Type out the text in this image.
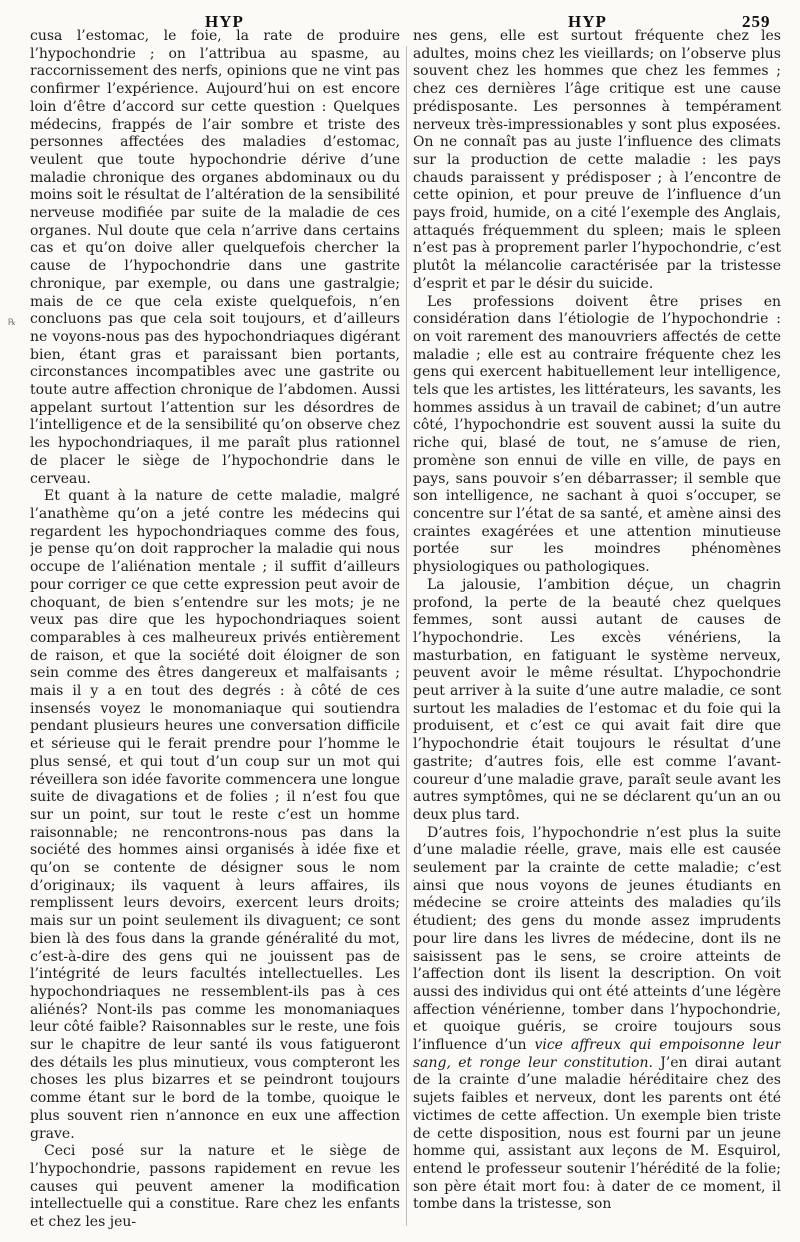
HYP	HYP	259
℞

cusa l’estomac, le foie, la rate de produire l’hypochondrie ; on l’attribua au spasme, au raccornissement des nerfs, opinions que ne vint pas confirmer l’expérience. Aujourd’hui on est encore loin d’être d’accord sur cette question : Quelques médecins, frappés de l’air sombre et triste des personnes affectées des maladies d’estomac, veulent que toute hypochondrie dérive d’une maladie chronique des organes abdominaux ou du moins soit le résultat de l’altération de la sensibilité nerveuse modifiée par suite de la maladie de ces organes. Nul doute que cela n’arrive dans certains cas et qu’on doive aller quelquefois chercher la cause de l’hypochondrie dans une gastrite chronique, par exemple, ou dans une gastralgie; mais de ce que cela existe quelquefois, n’en concluons pas que cela soit toujours, et d’ailleurs ne voyons-nous pas des hypochondriaques digérant bien, étant gras et paraissant bien portants, circonstances incompatibles avec une gastrite ou toute autre affection chronique de l’abdomen. Aussi appelant surtout l’attention sur les désordres de l’intelligence et de la sensibilité qu’on observe chez les hypochondriaques, il me paraît plus rationnel de placer le siège de l’hypochondrie dans le cerveau.

Et quant à la nature de cette maladie, malgré l’anathème qu’on a jeté contre les médecins qui regardent les hypochondriaques comme des fous, je pense qu’on doit rapprocher la maladie qui nous occupe de l’aliénation mentale ; il suffit d’ailleurs pour corriger ce que cette expression peut avoir de choquant, de bien s’entendre sur les mots; je ne veux pas dire que les hypochondriaques soient comparables à ces malheureux privés entièrement de raison, et que la société doit éloigner de son sein comme des êtres dangereux et malfaisants ; mais il y a en tout des degrés : à côté de ces insensés voyez le monomaniaque qui soutiendra pendant plusieurs heures une conversation difficile et sérieuse qui le ferait prendre pour l’homme le plus sensé, et qui tout d’un coup sur un mot qui réveillera son idée favorite commencera une longue suite de divagations et de folies ; il n’est fou que sur un point, sur tout le reste c’est un homme raisonnable; ne rencontrons-nous pas dans la société des hommes ainsi organisés à idée fixe et qu’on se contente de désigner sous le nom d’originaux; ils vaquent à leurs affaires, ils remplissent leurs devoirs, exercent leurs droits; mais sur un point seulement ils divaguent; ce sont bien là des fous dans la grande généralité du mot, c’est-à-dire des gens qui ne jouissent pas de l’intégrité de leurs facultés intellectuelles. Les hypochondriaques ne ressemblent-ils pas à ces aliénés? Nont-ils pas comme les monomaniaques leur côté faible? Raisonnables sur le reste, une fois sur le chapitre de leur santé ils vous fatigueront des détails les plus minutieux, vous compteront les choses les plus bizarres et se peindront toujours comme étant sur le bord de la tombe, quoique le plus souvent rien n’annonce en eux une affection grave.

Ceci posé sur la nature et le siège de l’hypochondrie, passons rapidement en revue les causes qui peuvent amener la modification intellectuelle qui a constitue. Rare chez les enfants et chez les jeu-

nes gens, elle est surtout fréquente chez les adultes, moins chez les vieillards; on l’observe plus souvent chez les hommes que chez les femmes ; chez ces dernières l’âge critique est une cause prédisposante. Les personnes à tempérament nerveux très-impressionables y sont plus exposées. On ne connaît pas au juste l’influence des climats sur la production de cette maladie : les pays chauds paraissent y prédisposer ; à l’encontre de cette opinion, et pour preuve de l’influence d’un pays froid, humide, on a cité l’exemple des Anglais, attaqués fréquemment du spleen; mais le spleen n’est pas à proprement parler l’hypochondrie, c’est plutôt la mélancolie caractérisée par la tristesse d’esprit et par le désir du suicide.

Les professions doivent être prises en considération dans l’étiologie de l’hypochondrie : on voit rarement des manouvriers affectés de cette maladie ; elle est au contraire fréquente chez les gens qui exercent habituellement leur intelligence, tels que les artistes, les littérateurs, les savants, les hommes assidus à un travail de cabinet; d’un autre côté, l’hypochondrie est souvent aussi la suite du riche qui, blasé de tout, ne s’amuse de rien, promène son ennui de ville en ville, de pays en pays, sans pouvoir s’en débarrasser; il semble que son intelligence, ne sachant à quoi s’occuper, se concentre sur l’état de sa santé, et amène ainsi des craintes exagérées et une attention minutieuse portée sur les moindres phénomènes physiologiques ou pathologiques.

La jalousie, l’ambition déçue, un chagrin profond, la perte de la beauté chez quelques femmes, sont aussi autant de causes de l’hypochondrie. Les excès vénériens, la masturbation, en fatiguant le système nerveux, peuvent avoir le même résultat. L’hypochondrie peut arriver à la suite d’une autre maladie, ce sont surtout les maladies de l’estomac et du foie qui la produisent, et c’est ce qui avait fait dire que l’hypochondrie était toujours le résultat d’une gastrite; d’autres fois, elle est comme l’avant-coureur d’une maladie grave, paraît seule avant les autres symptômes, qui ne se déclarent qu’un an ou deux plus tard.

D’autres fois, l’hypochondrie n’est plus la suite d’une maladie réelle, grave, mais elle est causée seulement par la crainte de cette maladie; c’est ainsi que nous voyons de jeunes étudiants en médecine se croire atteints des maladies qu’ils étudient; des gens du monde assez imprudents pour lire dans les livres de médecine, dont ils ne saisissent pas le sens, se croire atteints de l’affection dont ils lisent la description. On voit aussi des individus qui ont été atteints d’une légère affection vénérienne, tomber dans l’hypochondrie, et quoique guéris, se croire toujours sous l’influence d’un vice affreux qui empoisonne leur sang, et ronge leur constitution. J’en dirai autant de la crainte d’une maladie héréditaire chez des sujets faibles et nerveux, dont les parents ont été victimes de cette affection. Un exemple bien triste de cette disposition, nous est fourni par un jeune homme qui, assistant aux leçons de M. Esquirol, entend le professeur soutenir l’hérédité de la folie; son père était mort fou: à dater de ce moment, il tombe dans la tristesse, son
